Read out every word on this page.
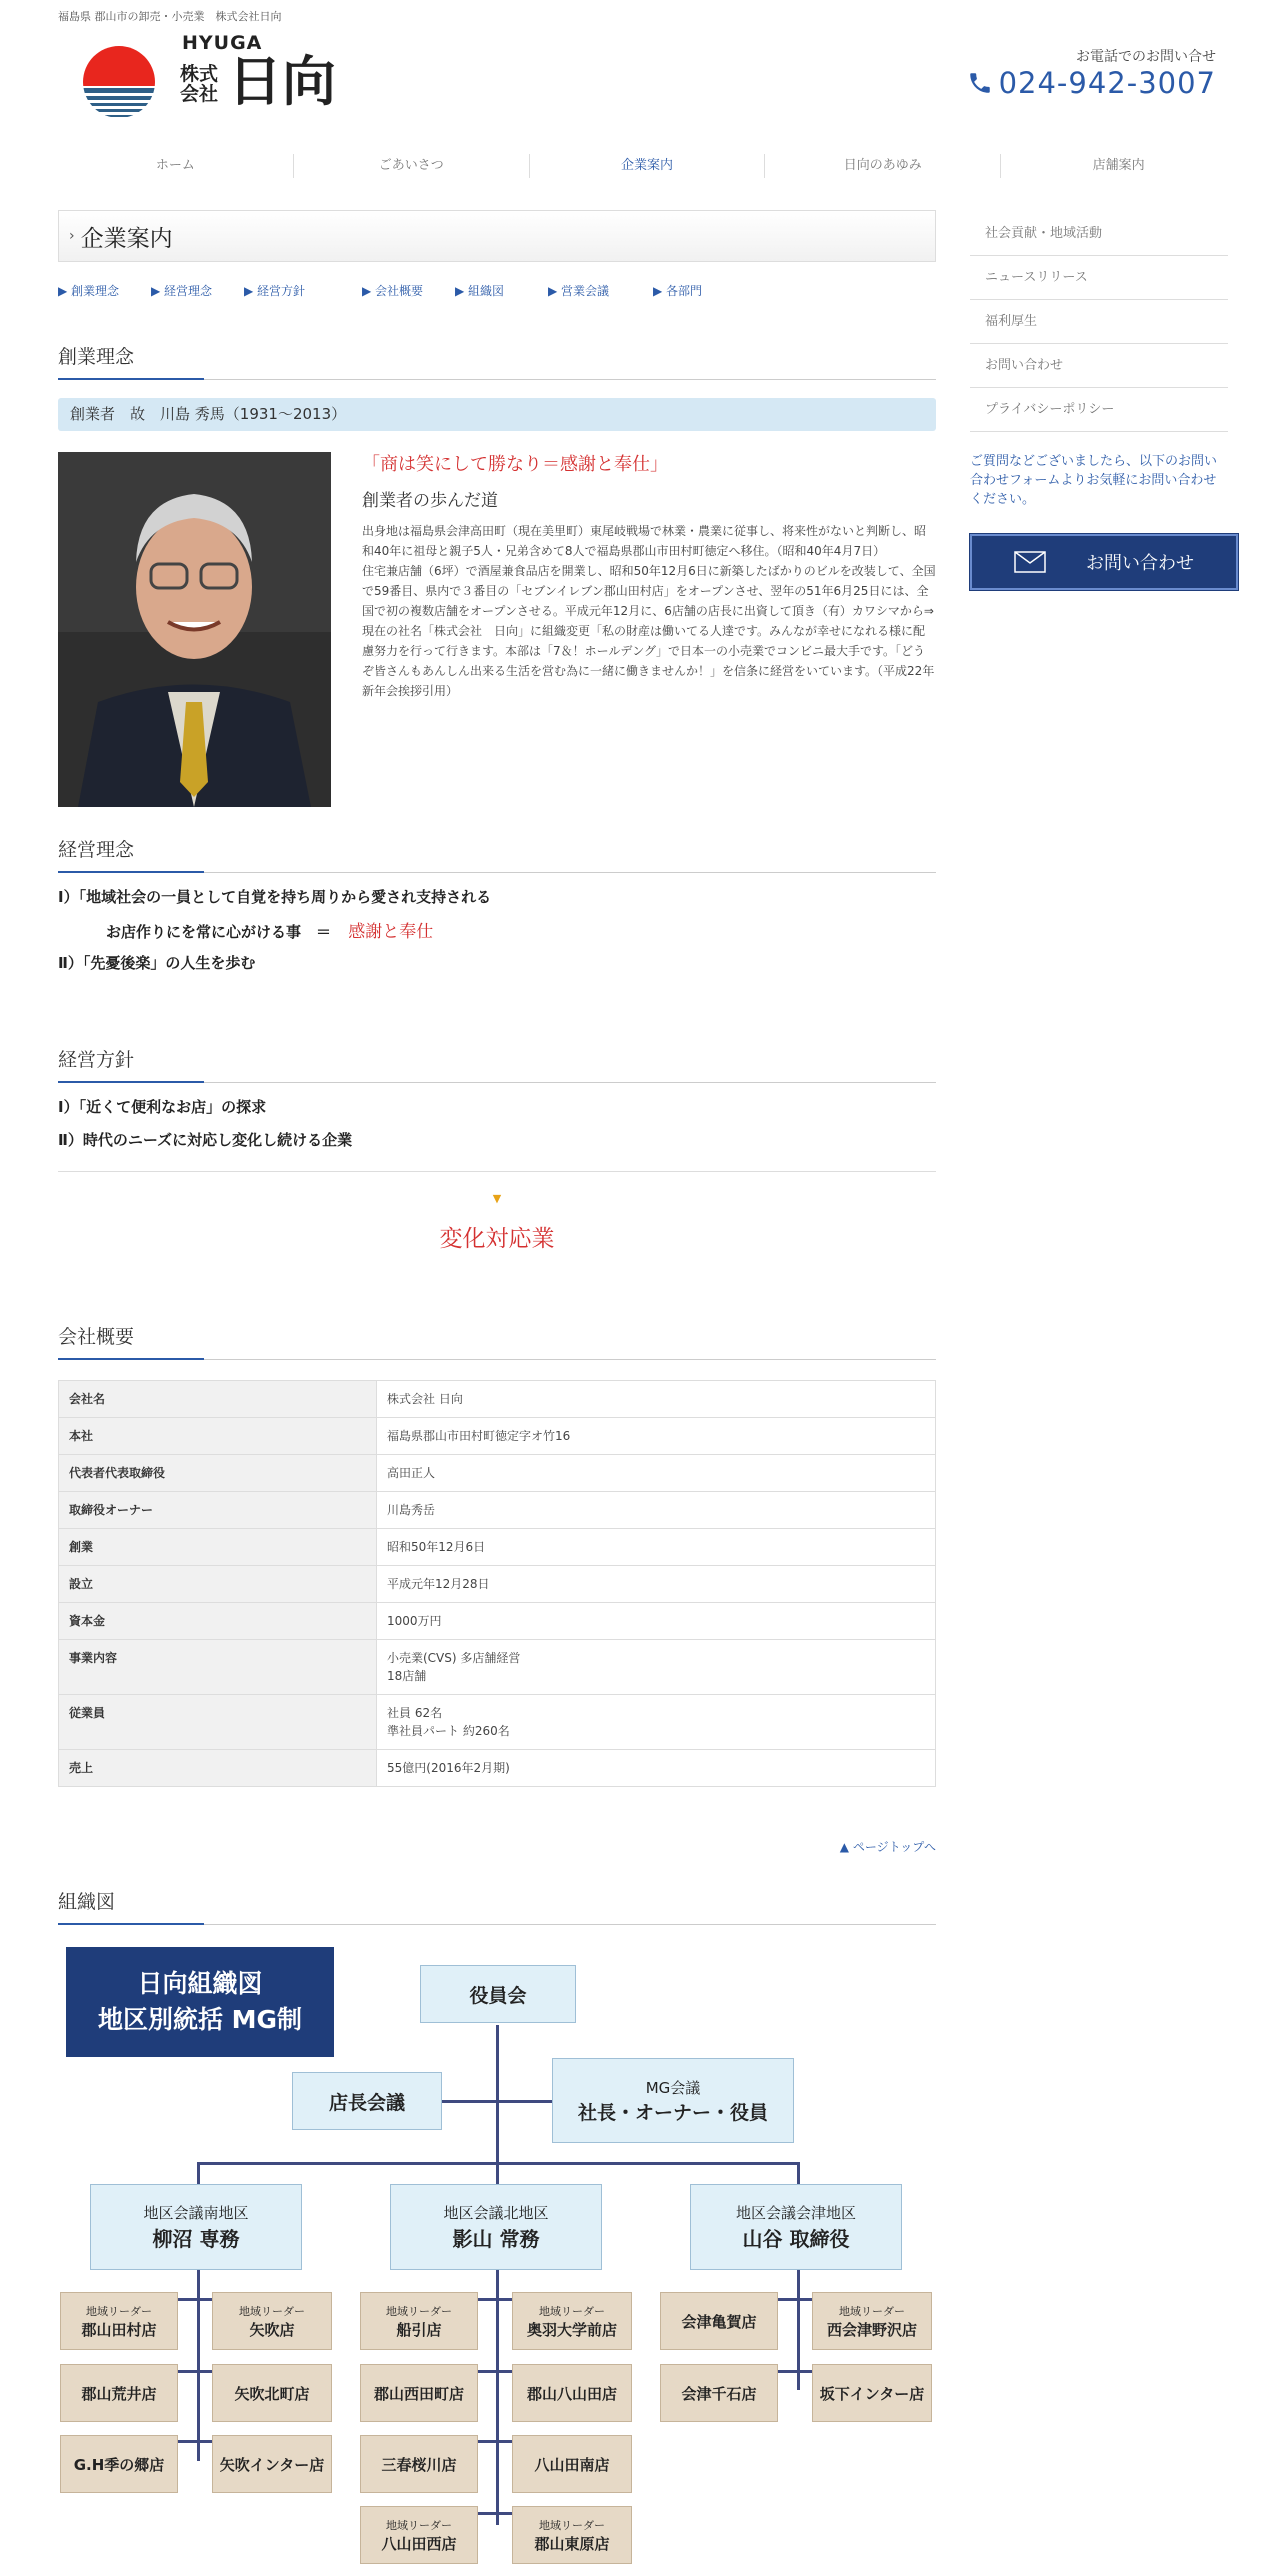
福島県 郡山市の卸売・小売業　株式会社日向
HYUGA
株式
会社 日向	お電話でのお問い合せ
024-942-3007
ホーム	ごあいさつ	企業案内	日向のあゆみ	店舗案内
› 企業案内
▶ 創業理念	▶ 経営理念	▶ 経営方針	▶ 会社概要	▶ 組織図	▶ 営業会議	▶ 各部門
創業理念
創業者　故　川島 秀馬（1931～2013）
「商は笑にして勝なり＝感謝と奉仕」
創業者の歩んだ道

出身地は福島県会津高田町（現在美里町）東尾岐戦場で林業・農業に従事し、将来性がないと判断し、昭和40年に祖母と親子5人・兄弟含めて8人で福島県郡山市田村町徳定へ移住。（昭和40年4月7日）

住宅兼店舗（6坪）で酒屋兼食品店を開業し、昭和50年12月6日に新築したばかりのビルを改装して、全国で59番目、県内で３番目の「セブンイレブン郡山田村店」をオープンさせ、翌年の51年6月25日には、全国で初の複数店舗をオープンさせる。平成元年12月に、6店舗の店長に出資して頂き（有）カワシマから⇒現在の社名「株式会社　日向」に組織変更「私の財産は働いてる人達です。みんなが幸せになれる様に配慮努力を行って行きます。本部は「7＆！ホールデング」で日本一の小売業でコンビニ最大手です。「どうぞ皆さんもあんしん出来る生活を営む為に一緒に働きませんか！」を信条に経営をいています。（平成22年新年会挨拶引用）

経営理念
Ⅰ）「地域社会の一員として自覚を持ち周りから愛され支持される
お店作りにを常に心がける事　＝ 感謝と奉仕
Ⅱ）「先憂後楽」の人生を歩む
経営方針
Ⅰ）「近くて便利なお店」の探求
Ⅱ）時代のニーズに対応し変化し続ける企業
▼
変化対応業
会社概要
会社名	株式会社 日向

本社	福島県郡山市田村町徳定字オ竹16

代表者代表取締役	高田正人

取締役オーナー	川島秀岳

創業	昭和50年12月6日

設立	平成元年12月28日

資本金	1000万円

事業内容	小売業(CVS) 多店舗経営
18店舗

従業員	社員 62名
準社員パート 約260名

売上	55億円(2016年2月期)
組織図
▲ ページトップへ
日向組織図
地区別統括 MG制
役員会
店長会議
MG会議
社長・オーナー・役員
地区会議南地区
柳沼 専務
地区会議北地区
影山 常務
地区会議会津地区
山谷 取締役
地域リーダー
郡山田村店
地域リーダー
矢吹店
郡山荒井店	矢吹北町店
G.H季の郷店	矢吹インター店
地域リーダー
船引店
地域リーダー
奥羽大学前店
郡山西田町店	郡山八山田店
三春桜川店	八山田南店
地域リーダー
八山田西店
地域リーダー
郡山東原店
会津亀賀店
地域リーダー
西会津野沢店
会津千石店	坂下インター店
社会貢献・地域活動
ニュースリリース
福利厚生
お問い合わせ
プライバシーポリシー

ご質問などございましたら、以下のお問い合わせフォームよりお気軽にお問い合わせください。

お問い合わせ
